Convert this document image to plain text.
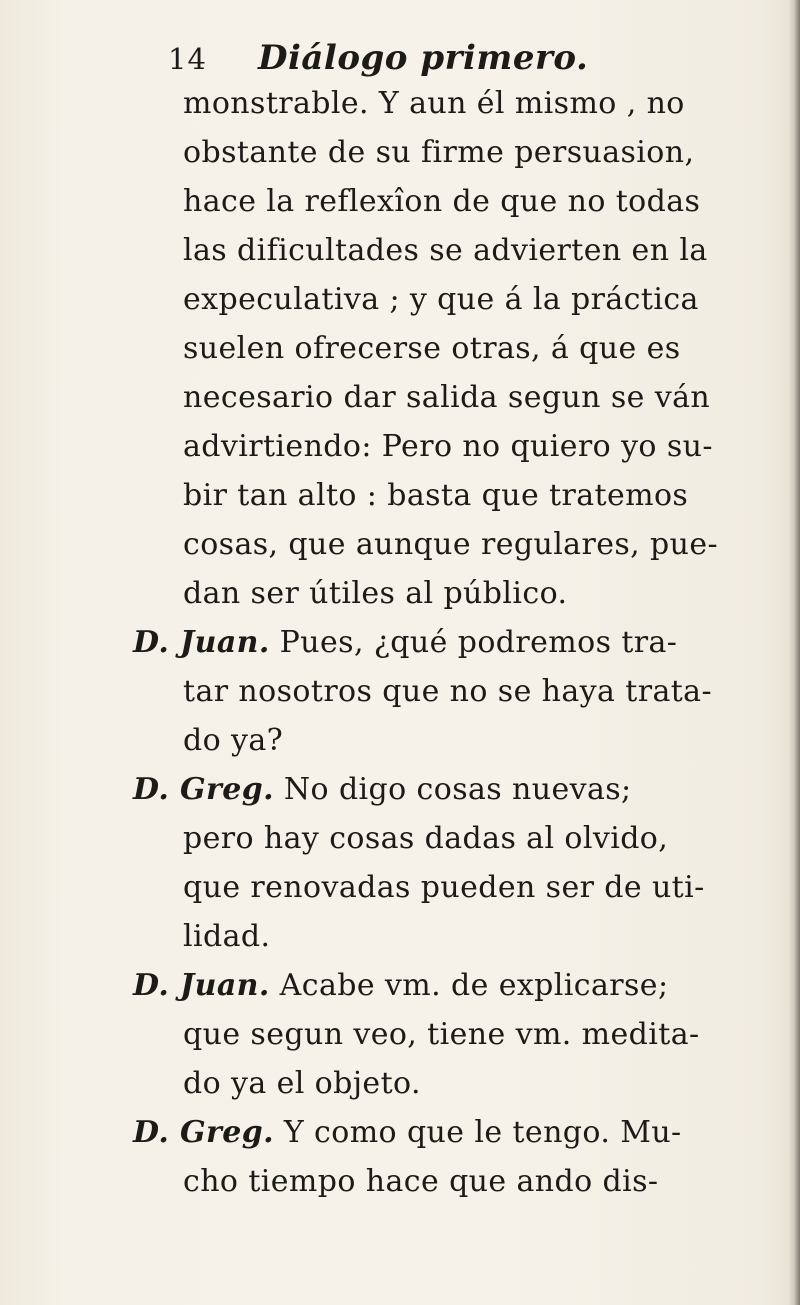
14 Diálogo primero.
monstrable. Y aun él mismo , no
obstante de su firme persuasion,
hace la reflexîon de que no todas
las dificultades se advierten en la
expeculativa ; y que á la práctica
suelen ofrecerse otras, á que es
necesario dar salida segun se ván
advirtiendo: Pero no quiero yo su-
bir tan alto : basta que tratemos
cosas, que aunque regulares, pue-
dan ser útiles al público.
D. Juan. Pues, ¿qué podremos tra-
tar nosotros que no se haya trata-
do ya?
D. Greg. No digo cosas nuevas;
pero hay cosas dadas al olvido,
que renovadas pueden ser de uti-
lidad.
D. Juan. Acabe vm. de explicarse;
que segun veo, tiene vm. medita-
do ya el objeto.
D. Greg. Y como que le tengo. Mu-
cho tiempo hace que ando dis-
